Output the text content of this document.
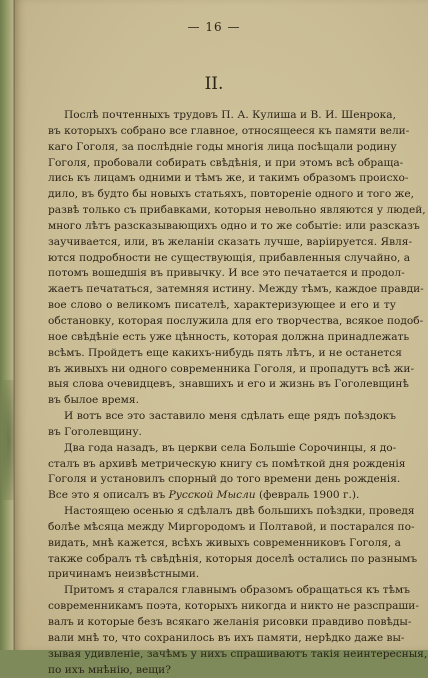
— 16 —
II.
Послѣ почтенныхъ трудовъ П. А. Кулиша и В. И. Шенрока,
въ которыхъ собрано все главное, относящееся къ памяти вели-
каго Гоголя, за послѣдніе годы многія лица посѣщали родину
Гоголя, пробовали собирать свѣдѣнія, и при этомъ всѣ обраща-
лись къ лицамъ одними и тѣмъ же, и такимъ образомъ происхо-
дило, въ будто бы новыхъ статьяхъ, повтореніе одного и того же,
развѣ только съ прибавками, которыя невольно являются у людей,
много лѣтъ разсказывающихъ одно и то же событіе: или разсказъ
заучивается, или, въ желаніи сказать лучше, варіируется. Явля-
ются подробности не существующія, прибавленныя случайно, а
потомъ вошедшія въ привычку. И все это печатается и продол-
жаетъ печататься, затемняя истину. Между тѣмъ, каждое правди-
вое слово о великомъ писателѣ, характеризующее и его и ту
обстановку, которая послужила для его творчества, всякое подоб-
ное свѣдѣніе есть уже цѣнность, которая должна принадлежать
всѣмъ. Пройдетъ еще какихъ-нибудь пять лѣтъ, и не останется
въ живыхъ ни одного современника Гоголя, и пропадутъ всѣ жи-
выя слова очевидцевъ, знавшихъ и его и жизнь въ Гоголевщинѣ
въ былое время.
И вотъ все это заставило меня сдѣлать еще рядъ поѣздокъ
въ Гоголевщину.
Два года назадъ, въ церкви села Большіе Сорочинцы, я до-
сталъ въ архивѣ метрическую книгу съ помѣткой дня рожденія
Гоголя и установилъ спорный до того времени день рожденія.
Все это я описалъ въ Русской Мысли (февраль 1900 г.).
Настоящею осенью я сдѣлалъ двѣ большихъ поѣздки, проведя
болѣе мѣсяца между Миргородомъ и Полтавой, и постарался по-
видать, мнѣ кажется, всѣхъ живыхъ современниковъ Гоголя, а
также собралъ тѣ свѣдѣнія, которыя доселѣ остались по разнымъ
причинамъ неизвѣстными.
Притомъ я старался главнымъ образомъ обращаться къ тѣмъ
современникамъ поэта, которыхъ никогда и никто не разспраши-
валъ и которые безъ всякаго желанія рисовки правдиво повѣды-
вали мнѣ то, что сохранилось въ ихъ памяти, нерѣдко даже вы-
зывая удивленіе, зачѣмъ у нихъ спрашиваютъ такія неинтересныя,
по ихъ мнѣнію, вещи?
